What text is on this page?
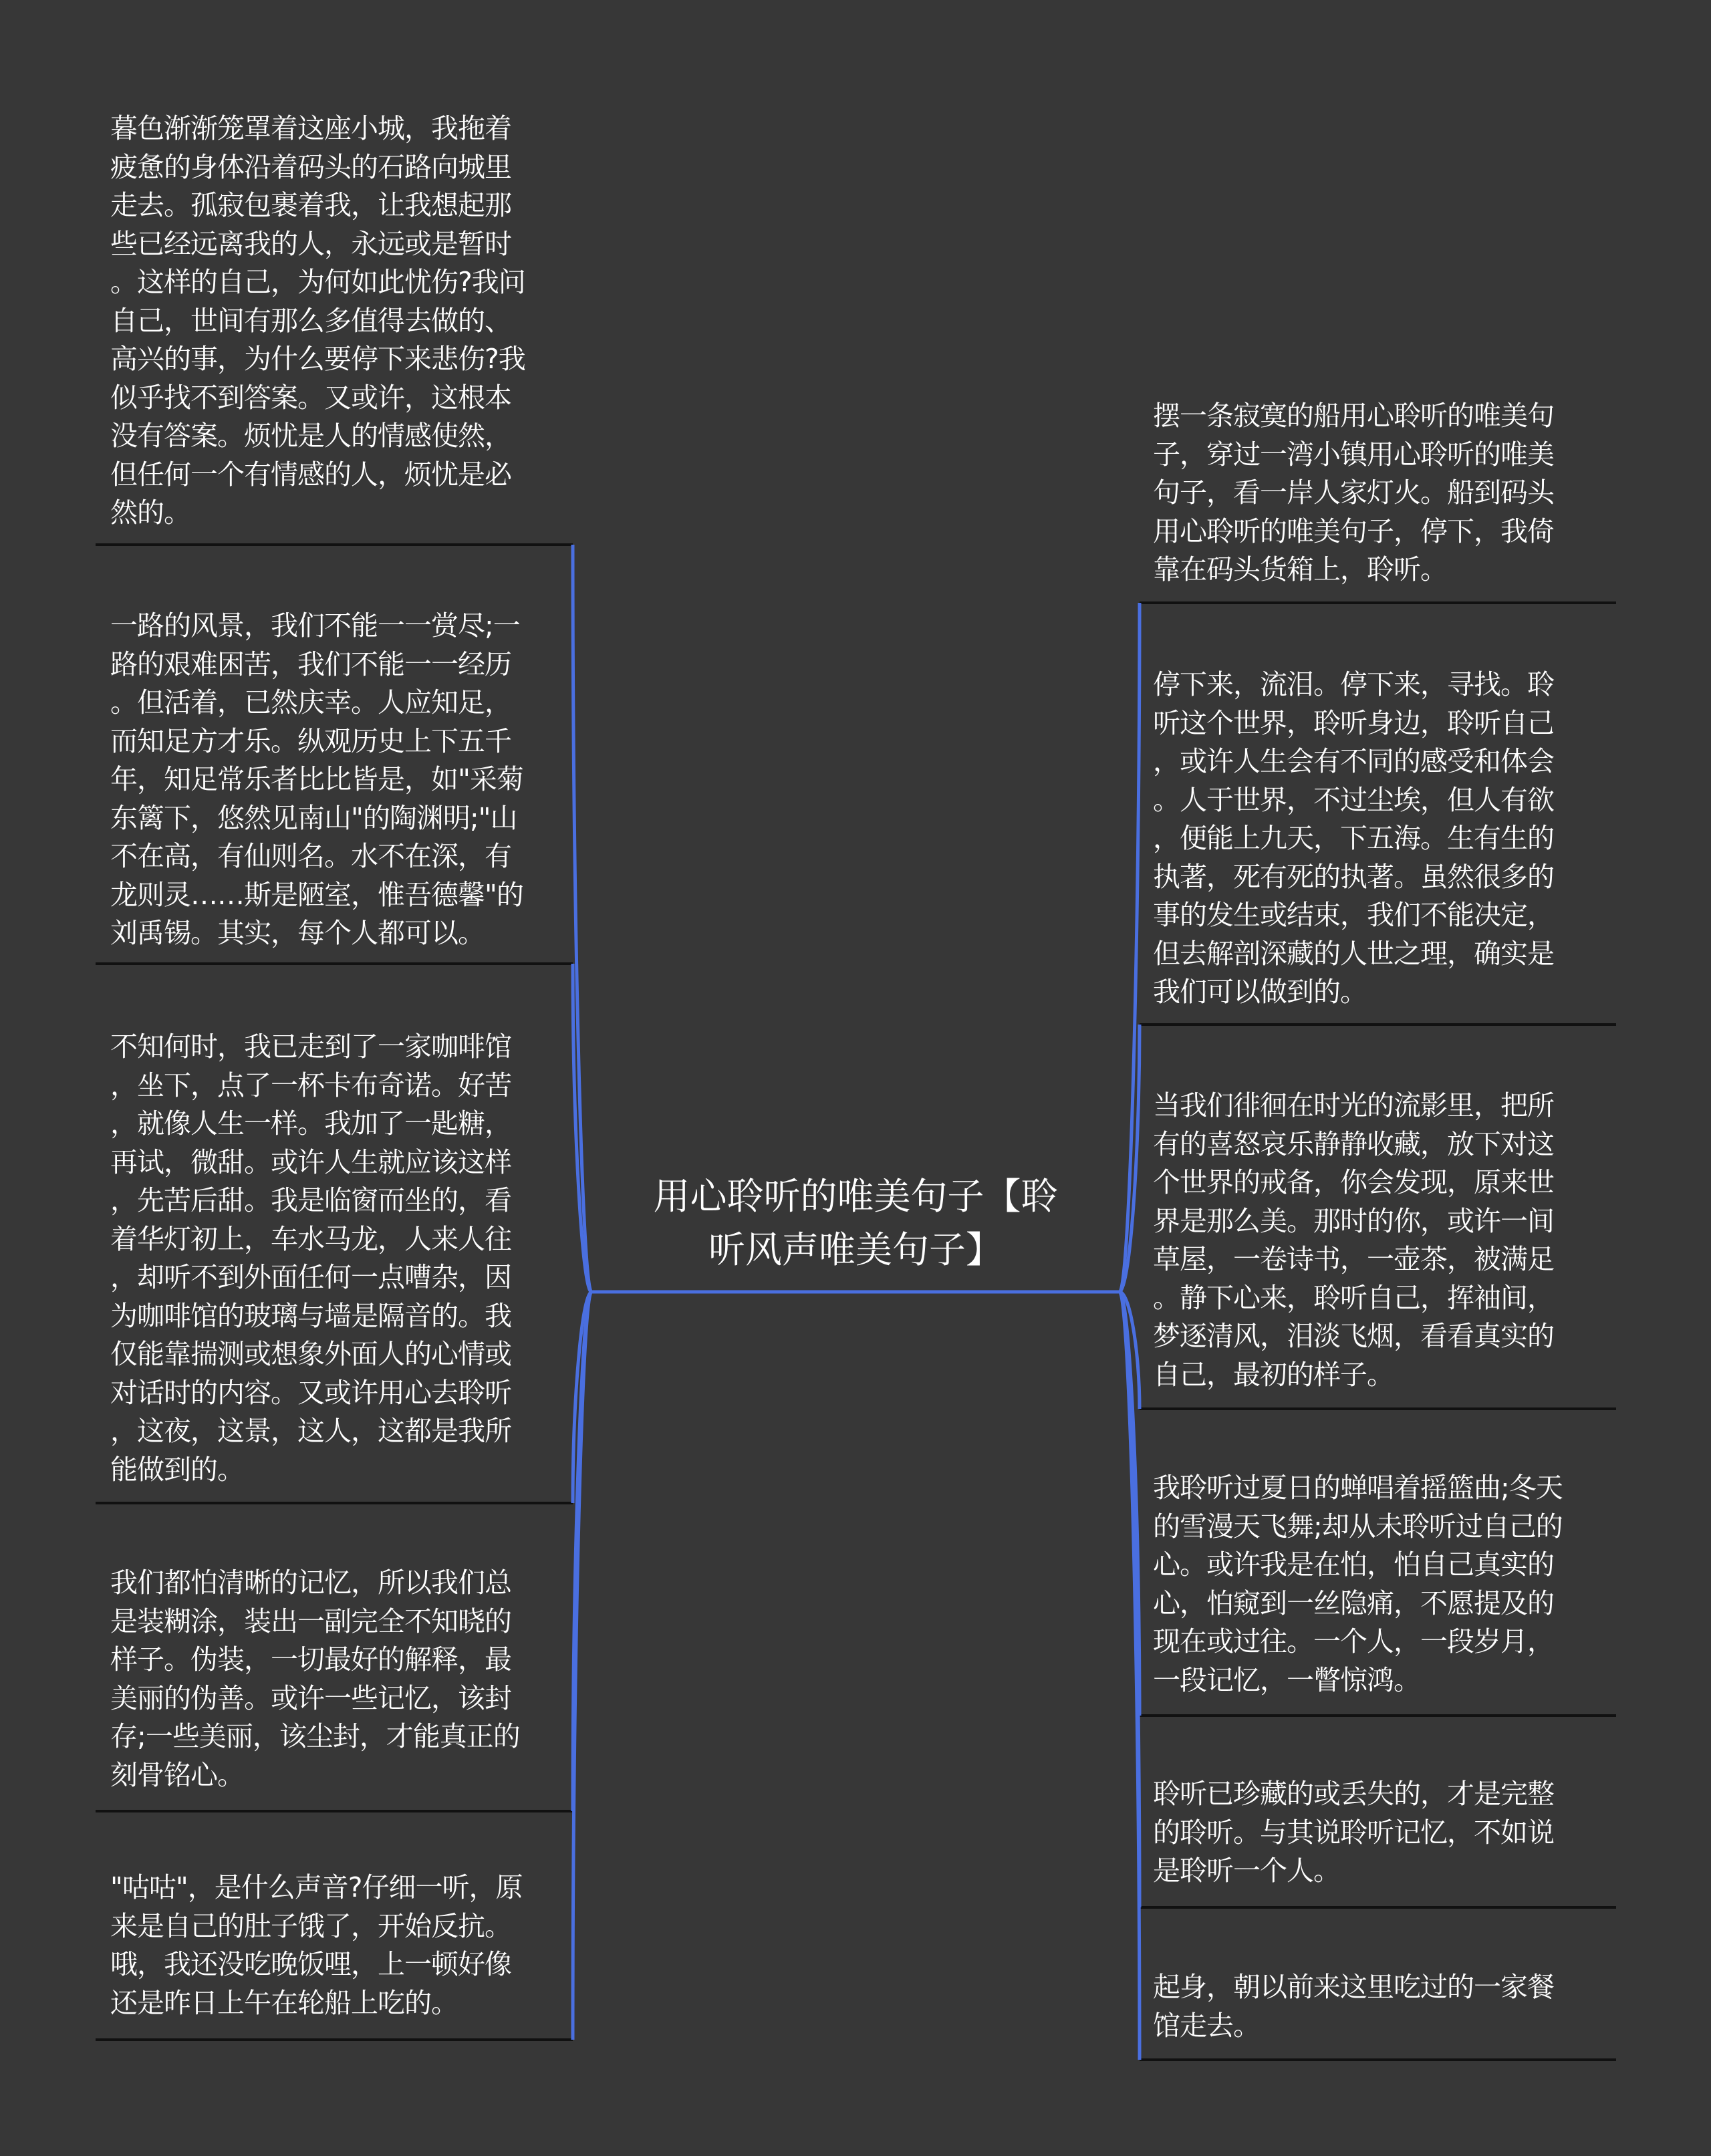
用心聆听的唯美句子【聆
听风声唯美句子】
暮色渐渐笼罩着这座小城，我拖着
疲惫的身体沿着码头的石路向城里
走去。孤寂包裹着我，让我想起那
些已经远离我的人，永远或是暂时
。这样的自己，为何如此忧伤?我问
自己，世间有那么多值得去做的、
高兴的事，为什么要停下来悲伤?我
似乎找不到答案。又或许，这根本
没有答案。烦忧是人的情感使然，
但任何一个有情感的人，烦忧是必
然的。
一路的风景，我们不能一一赏尽;一
路的艰难困苦，我们不能一一经历
。但活着，已然庆幸。人应知足，
而知足方才乐。纵观历史上下五千
年，知足常乐者比比皆是，如"采菊
东篱下，悠然见南山"的陶渊明;"山
不在高，有仙则名。水不在深，有
龙则灵……斯是陋室，惟吾德馨"的
刘禹锡。其实，每个人都可以。
不知何时，我已走到了一家咖啡馆
，坐下，点了一杯卡布奇诺。好苦
，就像人生一样。我加了一匙糖，
再试，微甜。或许人生就应该这样
，先苦后甜。我是临窗而坐的，看
着华灯初上，车水马龙，人来人往
，却听不到外面任何一点嘈杂，因
为咖啡馆的玻璃与墙是隔音的。我
仅能靠揣测或想象外面人的心情或
对话时的内容。又或许用心去聆听
，这夜，这景，这人，这都是我所
能做到的。
我们都怕清晰的记忆，所以我们总
是装糊涂，装出一副完全不知晓的
样子。伪装，一切最好的解释，最
美丽的伪善。或许一些记忆，该封
存;一些美丽，该尘封，才能真正的
刻骨铭心。
"咕咕"，是什么声音?仔细一听，原
来是自己的肚子饿了，开始反抗。
哦，我还没吃晚饭哩，上一顿好像
还是昨日上午在轮船上吃的。
摆一条寂寞的船用心聆听的唯美句
子，穿过一湾小镇用心聆听的唯美
句子，看一岸人家灯火。船到码头
用心聆听的唯美句子，停下，我倚
靠在码头货箱上，聆听。
停下来，流泪。停下来，寻找。聆
听这个世界，聆听身边，聆听自己
，或许人生会有不同的感受和体会
。人于世界，不过尘埃，但人有欲
，便能上九天，下五海。生有生的
执著，死有死的执著。虽然很多的
事的发生或结束，我们不能决定，
但去解剖深藏的人世之理，确实是
我们可以做到的。
当我们徘徊在时光的流影里，把所
有的喜怒哀乐静静收藏，放下对这
个世界的戒备，你会发现，原来世
界是那么美。那时的你，或许一间
草屋，一卷诗书，一壶茶，被满足
。静下心来，聆听自己，挥袖间，
梦逐清风，泪淡飞烟，看看真实的
自己，最初的样子。
我聆听过夏日的蝉唱着摇篮曲;冬天
的雪漫天飞舞;却从未聆听过自己的
心。或许我是在怕，怕自己真实的
心，怕窥到一丝隐痛，不愿提及的
现在或过往。一个人，一段岁月，
一段记忆，一瞥惊鸿。
聆听已珍藏的或丢失的，才是完整
的聆听。与其说聆听记忆，不如说
是聆听一个人。
起身，朝以前来这里吃过的一家餐
馆走去。
